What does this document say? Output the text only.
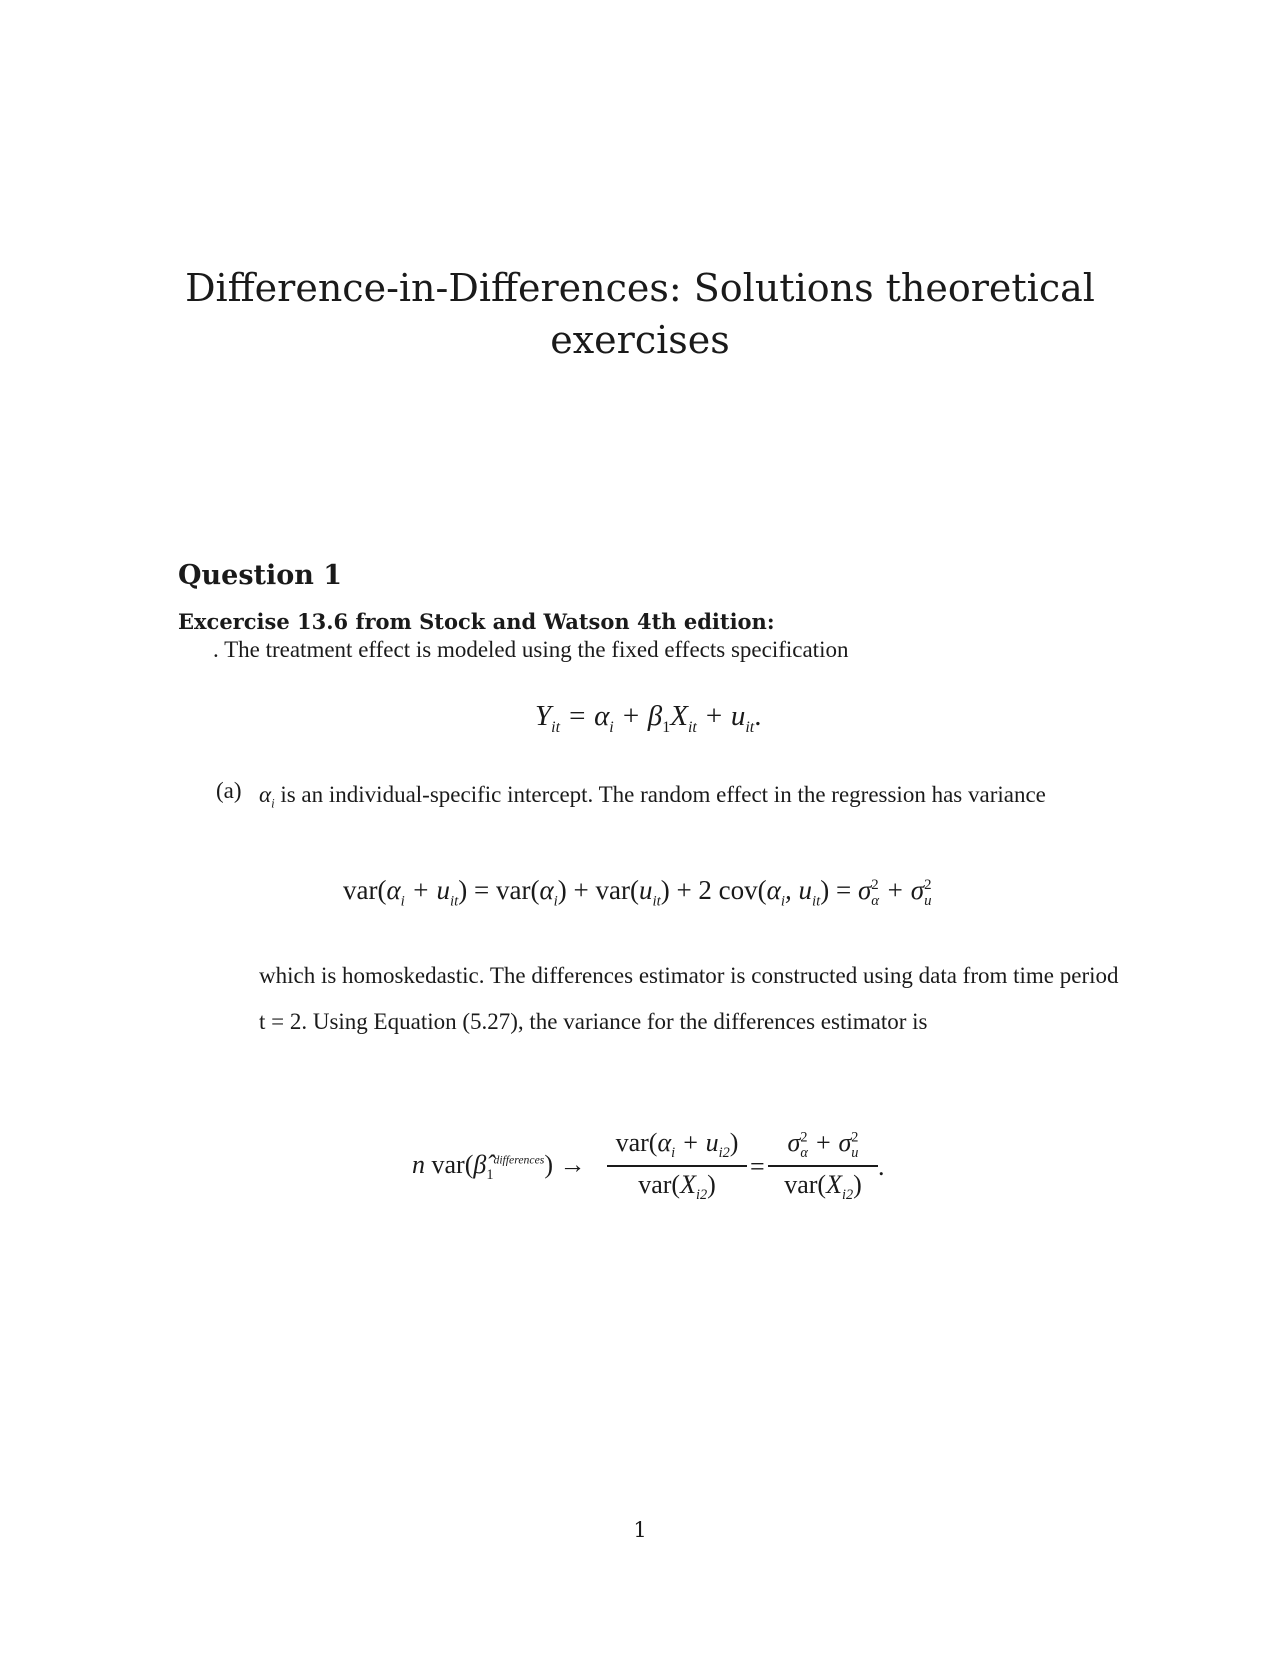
Difference-in-Differences: Solutions theoretical exercises
Question 1
Excercise 13.6 from Stock and Watson 4th edition:
. The treatment effect is modeled using the fixed effects specification
$Y_{it} = \alpha_i + \beta_1X_{it} + u_{it}$.
(a) $\alpha_i$ is an individual-specific intercept. The random effect in the regression has variance
$var(\alpha_i + u_{it}) = var(\alpha_i) + var(u_{it}) + 2$ $cov(\alpha_i$, $u_{it}) = \sigma^2_\alpha + \sigma^2_u$
which is homoskedastic. The differences estimator is constructed using data from time period t = 2. Using Equation (5.27), the variance for the differences estimator is
n $var(\betâ_1^{differences})$ →
$var(\alpha_i + u_{i2})$
$var(X_{i2})$
=
$\sigma^2_\alpha + \sigma^2_u$
$var(X_{i2})$
.
1
